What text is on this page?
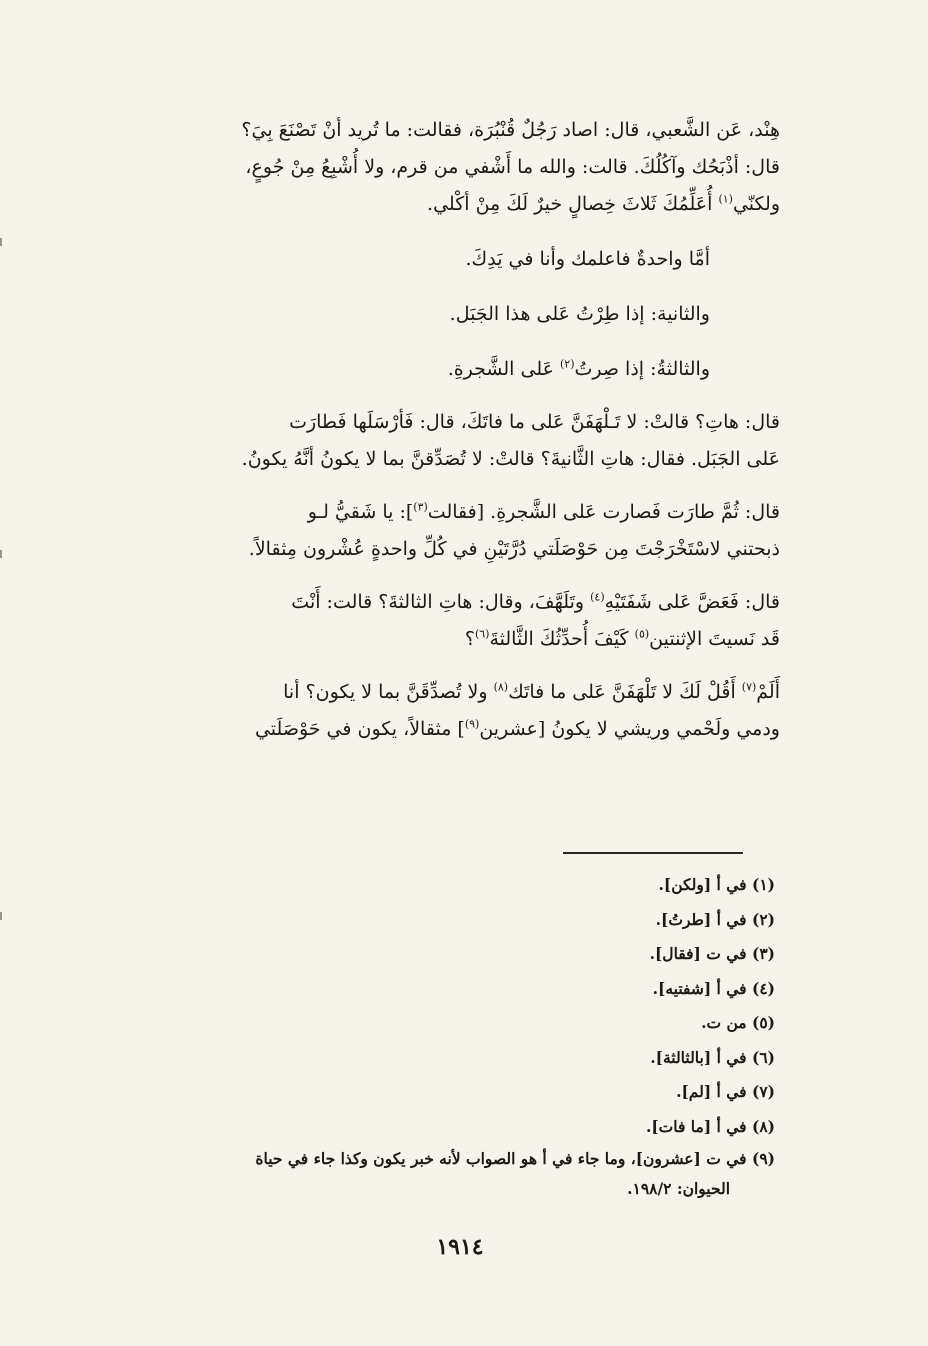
هِنْد، عَن الشَّعبي، قال: اصاد رَجُلٌ قُنْبُرَة، فقالت: ما تُريد أنْ تَصْنَعَ بِيَ؟
قال: أذْبَحُك وآكُلُكَ. قالت: والله ما أَشْفي من قرم، ولا أُشْبِعُ مِنْ جُوعٍ،
ولكنّي$^{(١)}$ أُعَلِّمُكَ ثَلاثَ خِصالٍ خيرٌ لَكَ مِنْ أكْلي.

أمَّا واحدةٌ فاعلمك وأنا في يَدِكَ.

والثانية: إذا طِرْتُ عَلى هذا الجَبَل.

والثالثةُ: إذا صِرتُ$^{(٢)}$ عَلى الشَّجرةِ.

قال: هاتِ؟ قالتْ: لا تَـلْهَفَنَّ عَلى ما فاتَكَ، قال: فَأرْسَلَها فَطارَت
عَلى الجَبَل. فقال: هاتِ الثَّانيةَ؟ قالتْ: لا تُصَدِّقنَّ بما لا يكونُ أنَّهُ يكونُ.

قال: ثُمَّ طارَت فَصارت عَلى الشَّجرةِ. [فقالت$^{(٣)}$]: يا شَقيُّ لـو
ذبحتني لاسْتَخْرَجْتَ مِن حَوْصَلَتي دُرَّتَيْنِ في كُلِّ واحدةٍ عُشْرون مِثقالاً.

قال: فَعَضَّ عَلى شَفَتَيْهِ$^{(٤)}$ وتَلَهَّفَ، وقال: هاتِ الثالثةَ؟ قالت: أَنْتَ
قَد نَسيتَ الإثنتين$^{(٥)}$ كَيْفَ أُحدِّثُكَ الثَّالثةَ$^{(٦)}$؟

أَلَمْ$^{(٧)}$ أَقُلْ لَكَ لا تَلْهَفَنَّ عَلى ما فاتَك$^{(٨)}$ ولا تُصدِّقَنَّ بما لا يكون؟ أنا
ودمي ولَحْمي وريشي لا يكونُ [عشرين$^{(٩)}$] مثقالاً، يكون في حَوْصَلَتي

(١) في أ [ولكن].
(٢) في أ [طرتُ].
(٣) في ت [فقال].
(٤) في أ [شفتيه].
(٥) من ت.
(٦) في أ [بالثالثة].
(٧) في أ [لم].
(٨) في أ [ما فات].
(٩) في ت [عشرون]، وما جاء في أ هو الصواب لأنه خبر يكون وكذا جاء في حياة
الحيوان: ١٩٨/٢.
١٩١٤
